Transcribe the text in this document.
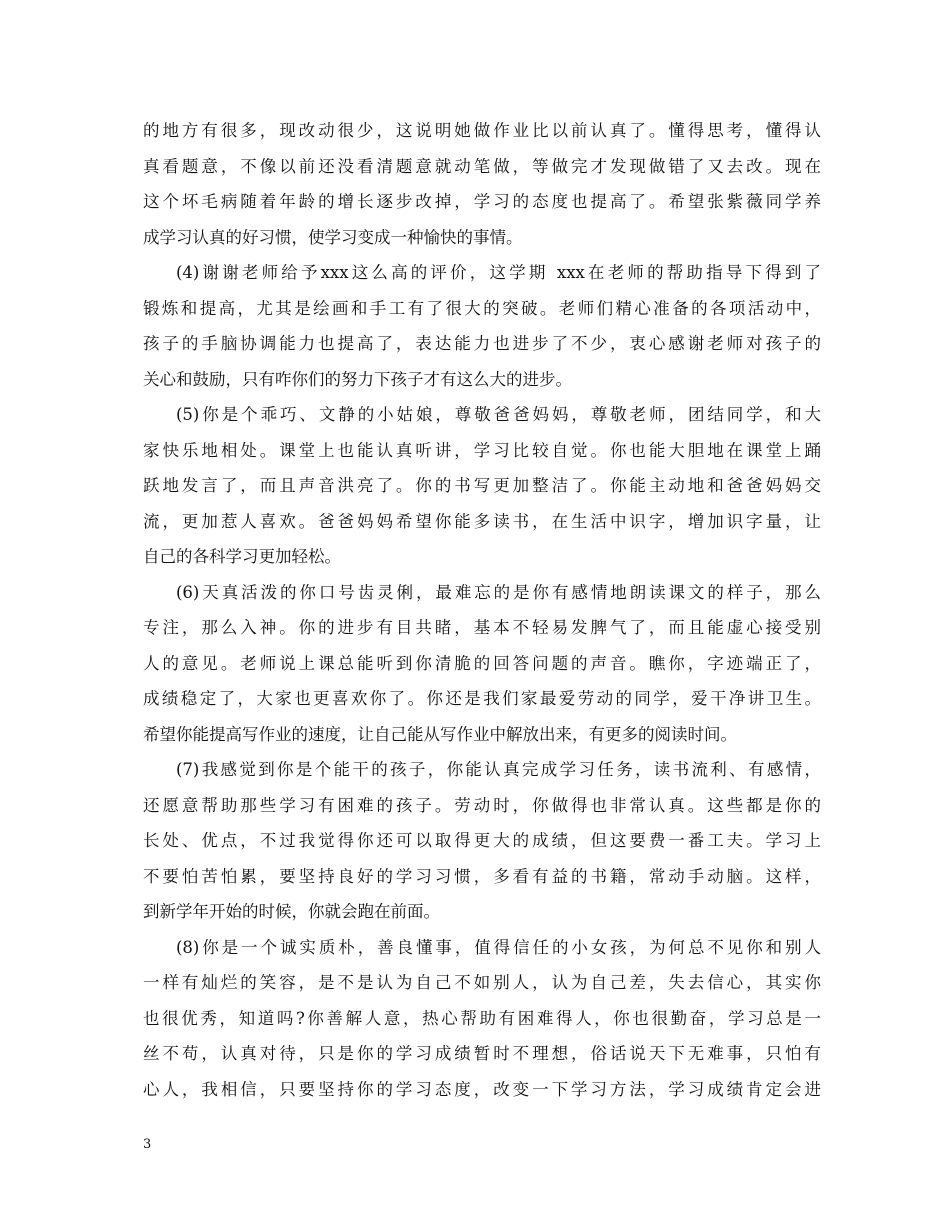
的地方有很多，现改动很少，这说明她做作业比以前认真了。懂得思考，懂得认
真看题意，不像以前还没看清题意就动笔做，等做完才发现做错了又去改。现在
这个坏毛病随着年龄的增长逐步改掉，学习的态度也提高了。希望张紫薇同学养
成学习认真的好习惯，使学习变成一种愉快的事情。

(4)谢谢老师给予xxx这么高的评价，这学期 xxx在老师的帮助指导下得到了
锻炼和提高，尤其是绘画和手工有了很大的突破。老师们精心准备的各项活动中，
孩子的手脑协调能力也提高了，表达能力也进步了不少，衷心感谢老师对孩子的
关心和鼓励，只有咋你们的努力下孩子才有这么大的进步。

(5)你是个乖巧、文静的小姑娘，尊敬爸爸妈妈，尊敬老师，团结同学，和大
家快乐地相处。课堂上也能认真听讲，学习比较自觉。你也能大胆地在课堂上踊
跃地发言了，而且声音洪亮了。你的书写更加整洁了。你能主动地和爸爸妈妈交
流，更加惹人喜欢。爸爸妈妈希望你能多读书，在生活中识字，增加识字量，让
自己的各科学习更加轻松。

(6)天真活泼的你口号齿灵俐，最难忘的是你有感情地朗读课文的样子，那么
专注，那么入神。你的进步有目共睹，基本不轻易发脾气了，而且能虚心接受别
人的意见。老师说上课总能听到你清脆的回答问题的声音。瞧你，字迹端正了，
成绩稳定了，大家也更喜欢你了。你还是我们家最爱劳动的同学，爱干净讲卫生。
希望你能提高写作业的速度，让自己能从写作业中解放出来，有更多的阅读时间。

(7)我感觉到你是个能干的孩子，你能认真完成学习任务，读书流利、有感情，
还愿意帮助那些学习有困难的孩子。劳动时，你做得也非常认真。这些都是你的
长处、优点，不过我觉得你还可以取得更大的成绩，但这要费一番工夫。学习上
不要怕苦怕累，要坚持良好的学习习惯，多看有益的书籍，常动手动脑。这样，
到新学年开始的时候，你就会跑在前面。

(8)你是一个诚实质朴，善良懂事，值得信任的小女孩，为何总不见你和别人
一样有灿烂的笑容，是不是认为自己不如别人，认为自己差，失去信心，其实你
也很优秀，知道吗?你善解人意，热心帮助有困难得人，你也很勤奋，学习总是一
丝不苟，认真对待，只是你的学习成绩暂时不理想，俗话说天下无难事，只怕有
心人，我相信，只要坚持你的学习态度，改变一下学习方法，学习成绩肯定会进

3
